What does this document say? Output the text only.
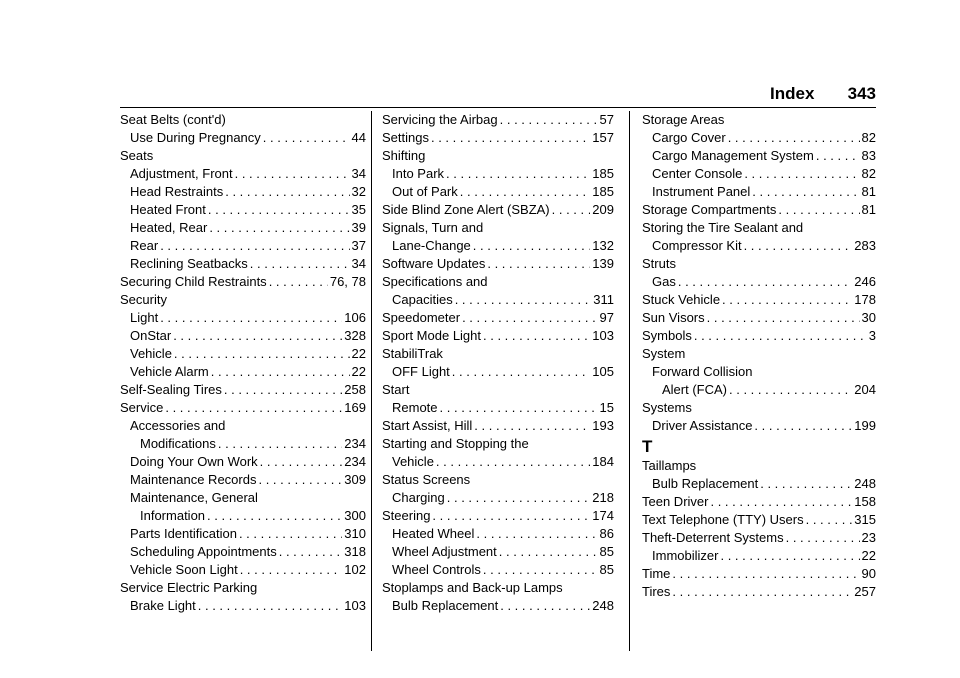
Index 343
Seat Belts (cont'd)
Use During Pregnancy . . .	44
Seats
Adjustment, Front . . .	34
Head Restraints . . .	32
Heated Front . . .	35
Heated, Rear . . .	39
Rear . . .	37
Reclining Seatbacks . . .	34
Securing Child Restraints . . .	76, 78
Security
Light . . .	106
OnStar . . .	328
Vehicle . . .	22
Vehicle Alarm . . .	22
Self-Sealing Tires . . .	258
Service . . .	169
Accessories and
Modifications . . .	234
Doing Your Own Work . . .	234
Maintenance Records . . .	309
Maintenance, General
Information . . .	300
Parts Identification . . .	310
Scheduling Appointments . . .	318
Vehicle Soon Light . . .	102
Service Electric Parking
Brake Light . . .	103
Servicing the Airbag . . .	57
Settings . . .	157
Shifting
Into Park . . .	185
Out of Park . . .	185
Side Blind Zone Alert (SBZA) . . .	209
Signals, Turn and
Lane-Change . . .	132
Software Updates . . .	139
Specifications and
Capacities . . .	311
Speedometer . . .	97
Sport Mode Light . . .	103
StabiliTrak
OFF Light . . .	105
Start
Remote . . .	15
Start Assist, Hill . . .	193
Starting and Stopping the
Vehicle . . .	184
Status Screens
Charging . . .	218
Steering . . .	174
Heated Wheel . . .	86
Wheel Adjustment . . .	85
Wheel Controls . . .	85
Stoplamps and Back-up Lamps
Bulb Replacement . . .	248
Storage Areas
Cargo Cover . . .	82
Cargo Management System . . .	83
Center Console . . .	82
Instrument Panel . . .	81
Storage Compartments . . .	81
Storing the Tire Sealant and
Compressor Kit . . .	283
Struts
Gas . . .	246
Stuck Vehicle . . .	178
Sun Visors . . .	30
Symbols . . .	3
System
Forward Collision
Alert (FCA) . . .	204
Systems
Driver Assistance . . .	199
T
Taillamps
Bulb Replacement . . .	248
Teen Driver . . .	158
Text Telephone (TTY) Users . . .	315
Theft-Deterrent Systems . . .	23
Immobilizer . . .	22
Time . . .	90
Tires . . .	257
